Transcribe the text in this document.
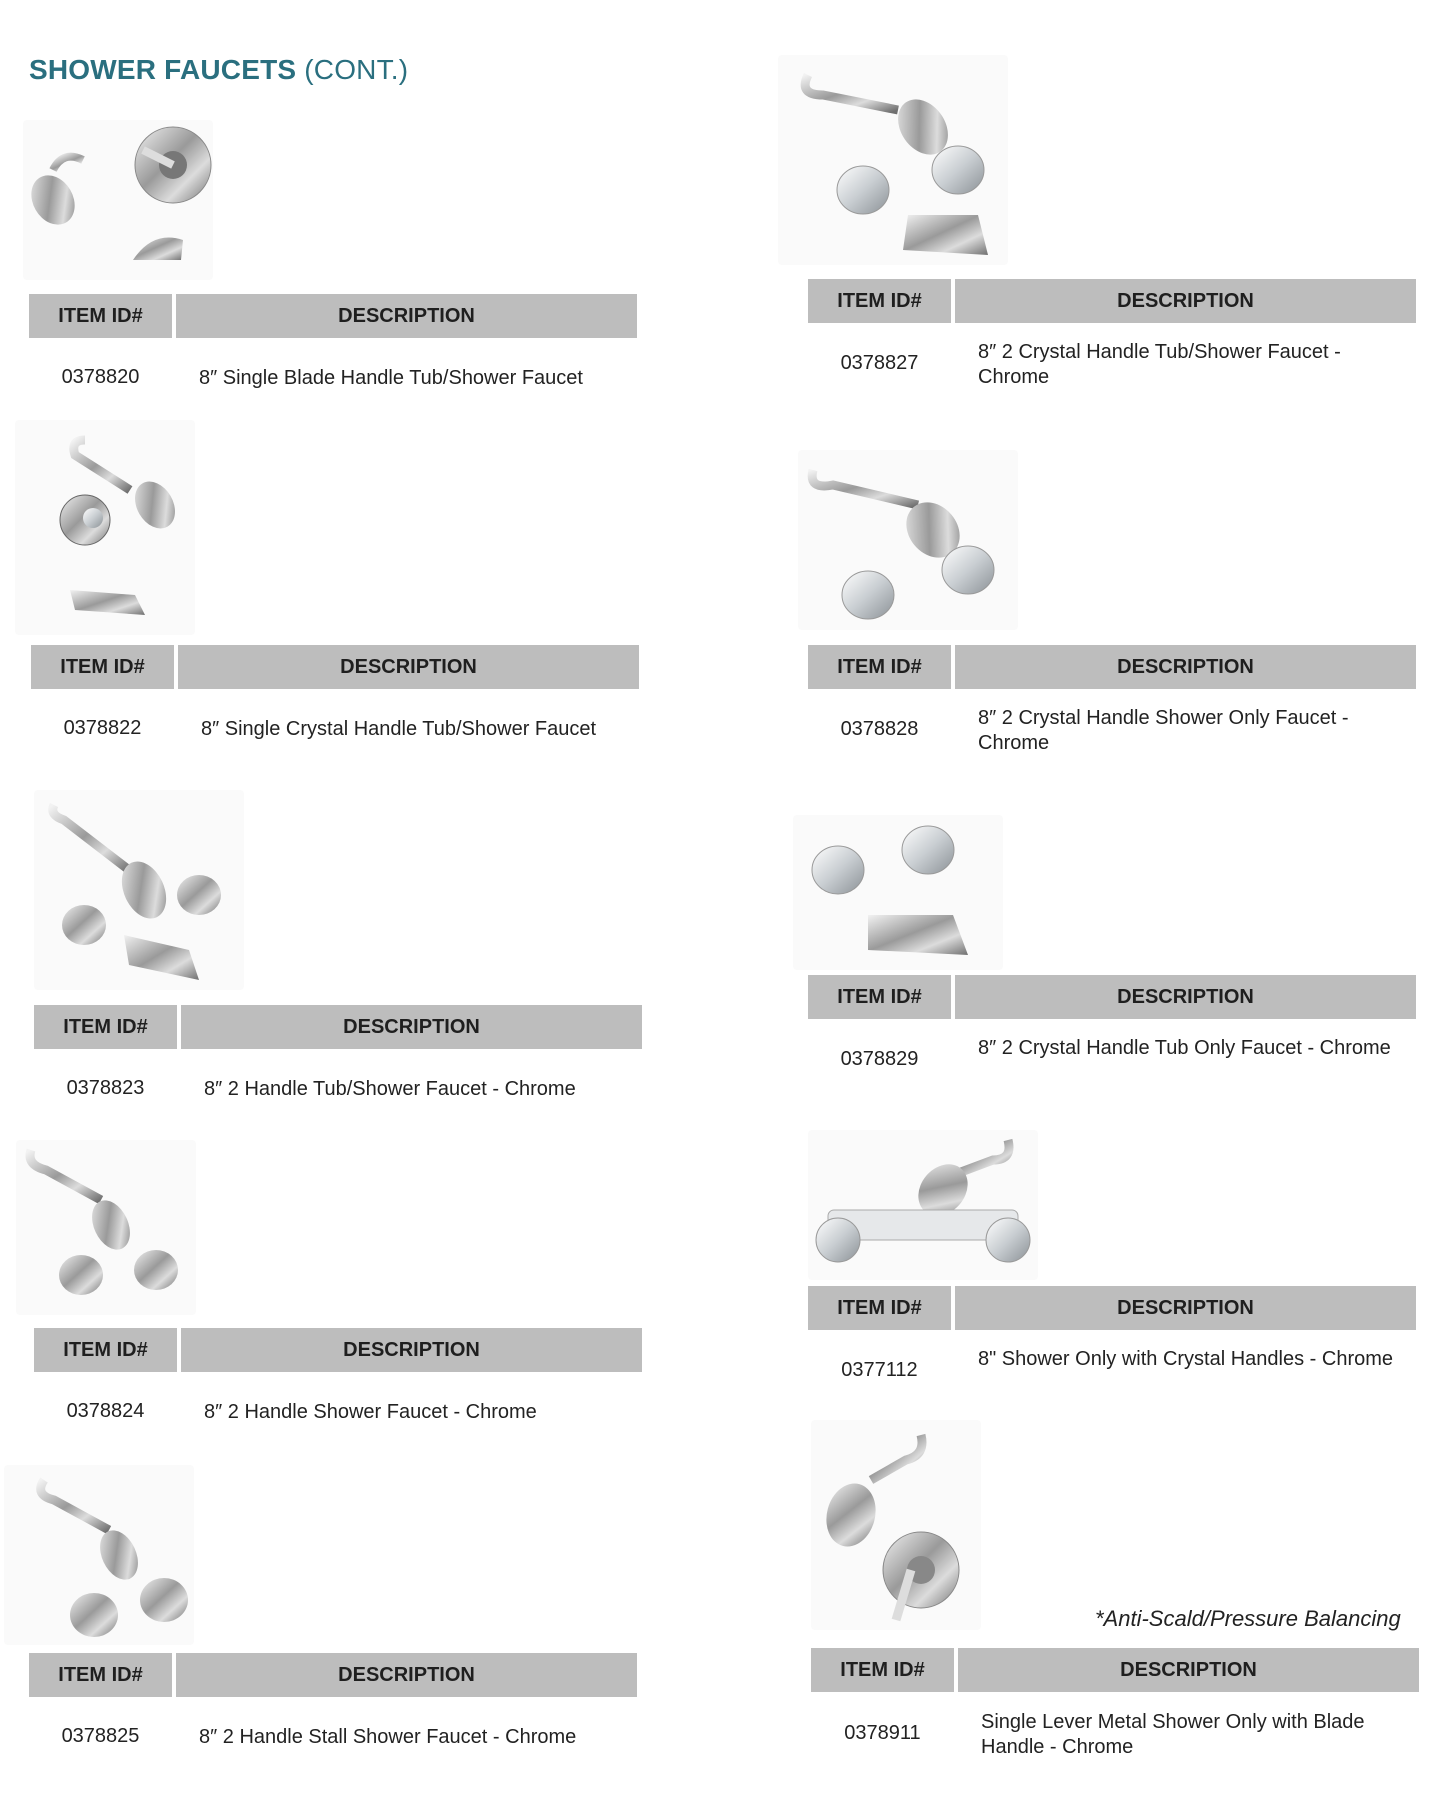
SHOWER FAUCETS (CONT.)
ITEM ID#	DESCRIPTION
0378820	8″ Single Blade Handle Tub/Shower Faucet
ITEM ID#	DESCRIPTION
0378822	8″ Single Crystal Handle Tub/Shower Faucet
ITEM ID#	DESCRIPTION
0378823	8″ 2 Handle Tub/Shower Faucet - Chrome
ITEM ID#	DESCRIPTION
0378824	8″ 2 Handle Shower Faucet - Chrome
ITEM ID#	DESCRIPTION
0378825	8″ 2 Handle Stall Shower Faucet - Chrome
ITEM ID#	DESCRIPTION
0378827	8″ 2 Crystal Handle Tub/Shower Faucet - Chrome
ITEM ID#	DESCRIPTION
0378828	8″ 2 Crystal Handle Shower Only Faucet - Chrome
ITEM ID#	DESCRIPTION
0378829	8″ 2 Crystal Handle Tub Only Faucet - Chrome
ITEM ID#	DESCRIPTION
0377112	8" Shower Only with Crystal Handles - Chrome
ITEM ID#	DESCRIPTION
0378911	Single Lever Metal Shower Only with Blade Handle - Chrome
*Anti-Scald/Pressure Balancing
